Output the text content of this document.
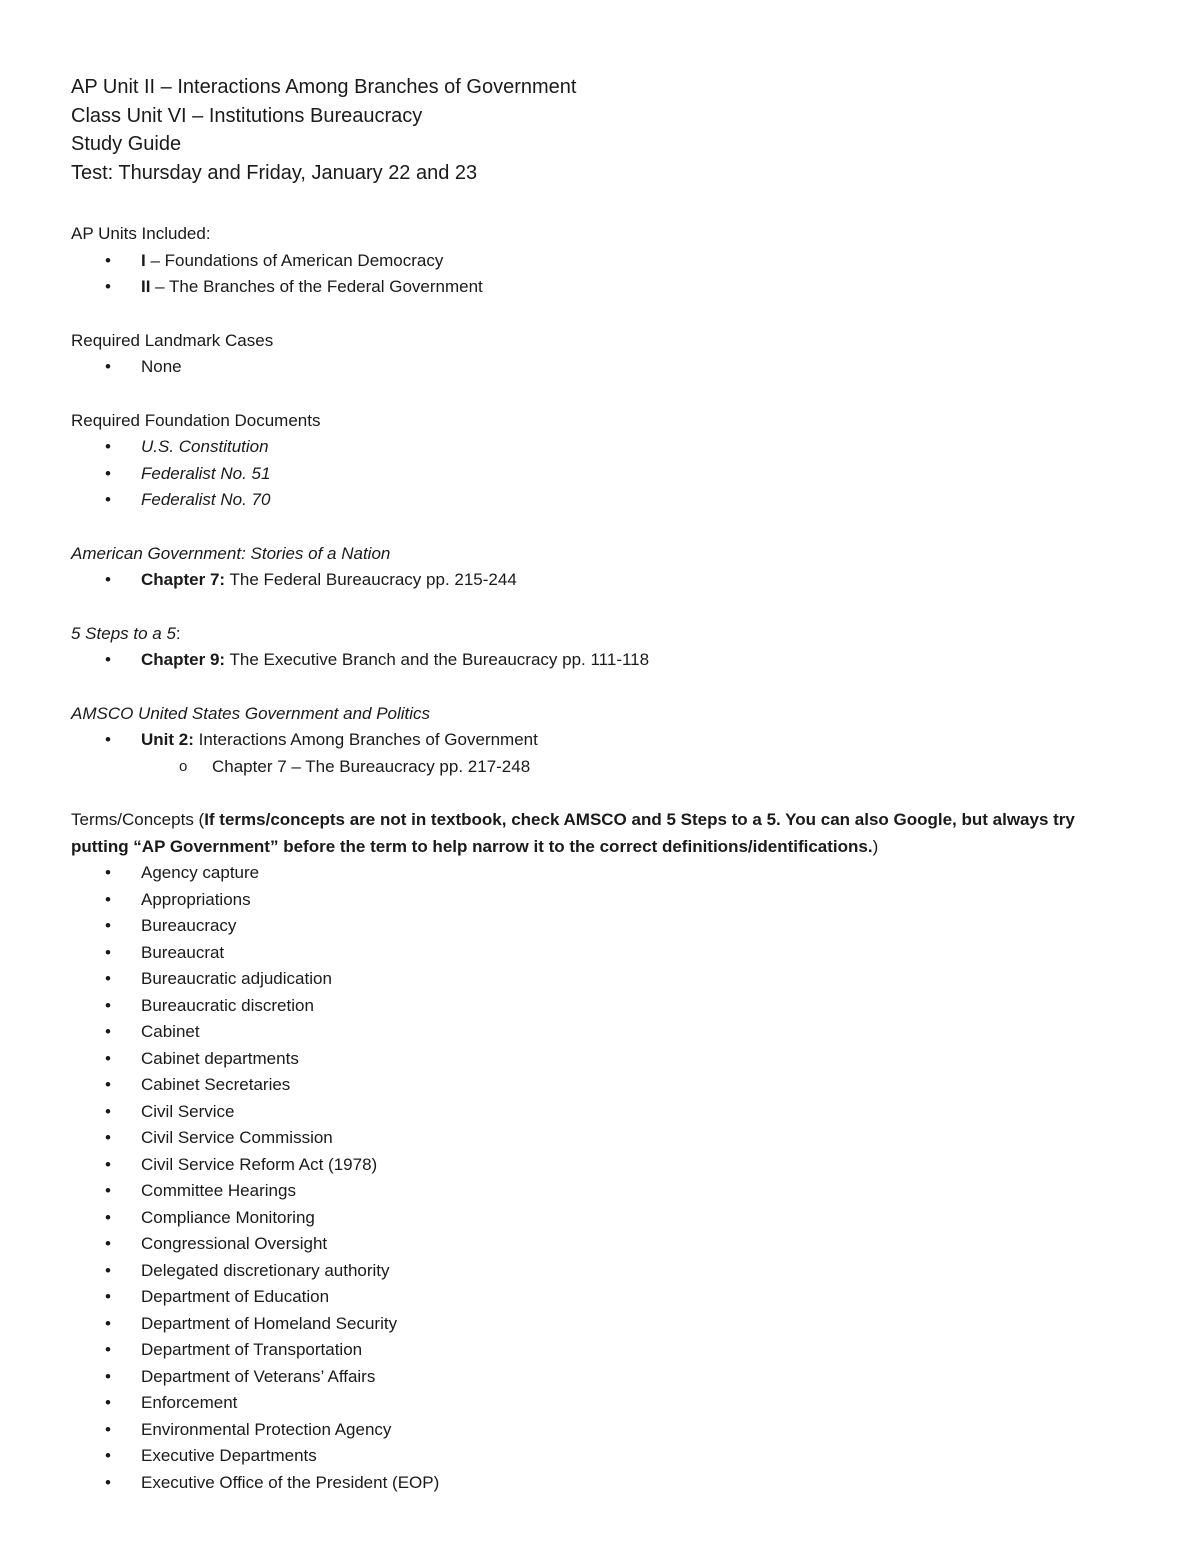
AP Unit II – Interactions Among Branches of Government

Class Unit VI – Institutions Bureaucracy

Study Guide

Test: Thursday and Friday, January 22 and 23

AP Units Included:

• I – Foundations of American Democracy
• II – The Branches of the Federal Government

Required Landmark Cases

• None

Required Foundation Documents

• U.S. Constitution
• Federalist No. 51
• Federalist No. 70

American Government: Stories of a Nation

• Chapter 7: The Federal Bureaucracy pp. 215-244

5 Steps to a 5:

• Chapter 9: The Executive Branch and the Bureaucracy pp. 111-118

AMSCO United States Government and Politics

• Unit 2: Interactions Among Branches of Government
o Chapter 7 – The Bureaucracy pp. 217-248

Terms/Concepts (If terms/concepts are not in textbook, check AMSCO and 5 Steps to a 5. You can also Google, but always try putting “AP Government” before the term to help narrow it to the correct definitions/identifications.)

• Agency capture
• Appropriations
• Bureaucracy
• Bureaucrat
• Bureaucratic adjudication
• Bureaucratic discretion
• Cabinet
• Cabinet departments
• Cabinet Secretaries
• Civil Service
• Civil Service Commission
• Civil Service Reform Act (1978)
• Committee Hearings
• Compliance Monitoring
• Congressional Oversight
• Delegated discretionary authority
• Department of Education
• Department of Homeland Security
• Department of Transportation
• Department of Veterans’ Affairs
• Enforcement
• Environmental Protection Agency
• Executive Departments
• Executive Office of the President (EOP)
